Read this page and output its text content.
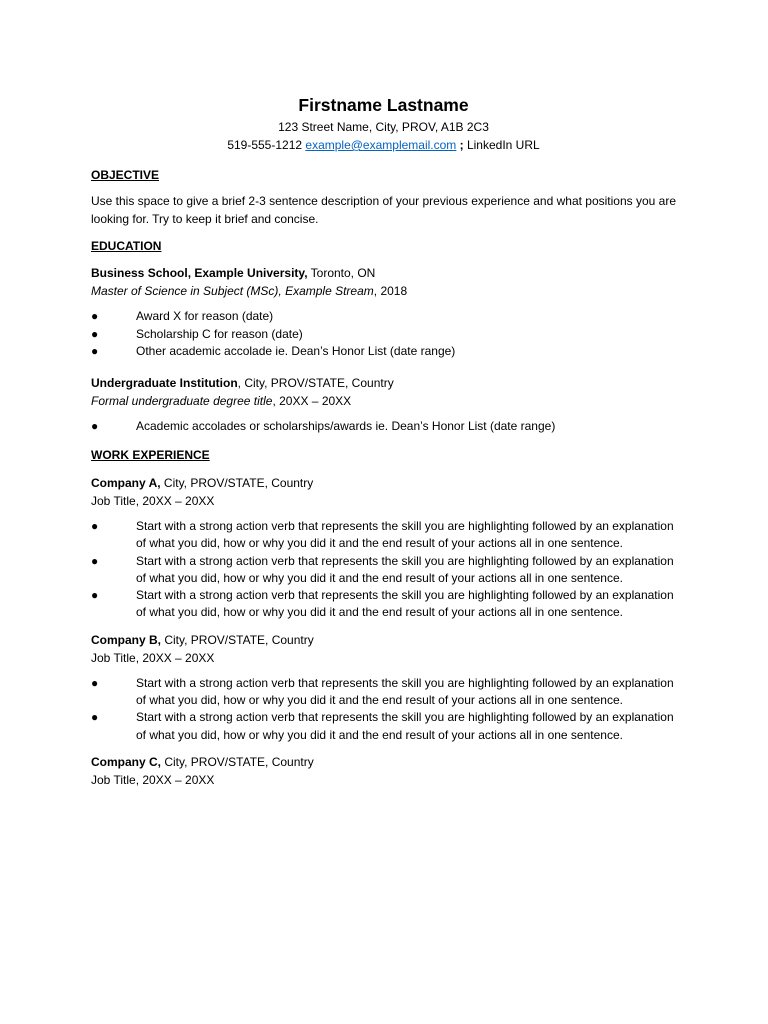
Firstname Lastname
123 Street Name, City, PROV, A1B 2C3
519-555-1212 example@examplemail.com ; LinkedIn URL
OBJECTIVE
Use this space to give a brief 2-3 sentence description of your previous experience and what positions you are looking for. Try to keep it brief and concise.
EDUCATION
Business School, Example University, Toronto, ON
Master of Science in Subject (MSc), Example Stream, 2018
●	Award X for reason (date)
●	Scholarship C for reason (date)
●	Other academic accolade ie. Dean’s Honor List (date range)
Undergraduate Institution, City, PROV/STATE, Country
Formal undergraduate degree title, 20XX – 20XX
●	Academic accolades or scholarships/awards ie. Dean’s Honor List (date range)
WORK EXPERIENCE
Company A, City, PROV/STATE, Country
Job Title, 20XX – 20XX
●	Start with a strong action verb that represents the skill you are highlighting followed by an explanation of what you did, how or why you did it and the end result of your actions all in one sentence.
●	Start with a strong action verb that represents the skill you are highlighting followed by an explanation of what you did, how or why you did it and the end result of your actions all in one sentence.
●	Start with a strong action verb that represents the skill you are highlighting followed by an explanation of what you did, how or why you did it and the end result of your actions all in one sentence.
Company B, City, PROV/STATE, Country
Job Title, 20XX – 20XX
●	Start with a strong action verb that represents the skill you are highlighting followed by an explanation of what you did, how or why you did it and the end result of your actions all in one sentence.
●	Start with a strong action verb that represents the skill you are highlighting followed by an explanation of what you did, how or why you did it and the end result of your actions all in one sentence.
Company C, City, PROV/STATE, Country
Job Title, 20XX – 20XX
